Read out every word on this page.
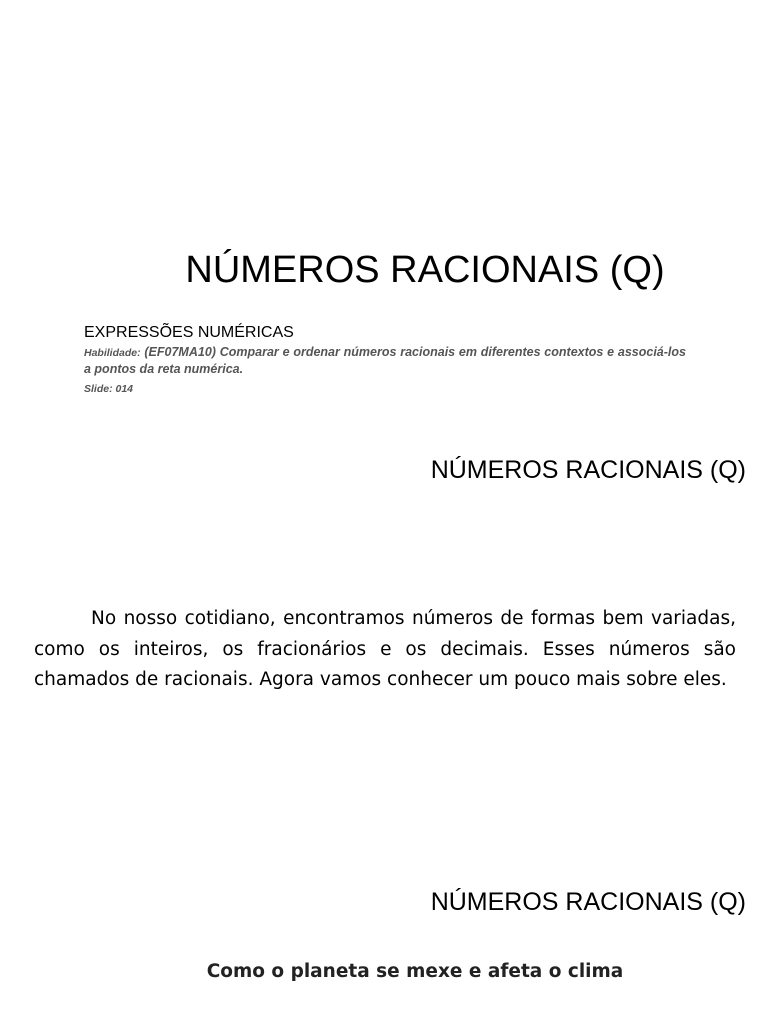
NÚMEROS RACIONAIS (Q)

EXPRESSÕES NUMÉRICAS

Habilidade: (EF07MA10) Comparar e ordenar números racionais em diferentes contextos e associá-los a pontos da reta numérica.

Slide: 014

NÚMEROS RACIONAIS (Q)

No nosso cotidiano, encontramos números de formas bem variadas, como os inteiros, os fracionários e os decimais. Esses números são chamados de racionais. Agora vamos conhecer um pouco mais sobre eles.

NÚMEROS RACIONAIS (Q)
Como o planeta se mexe e afeta o clima
